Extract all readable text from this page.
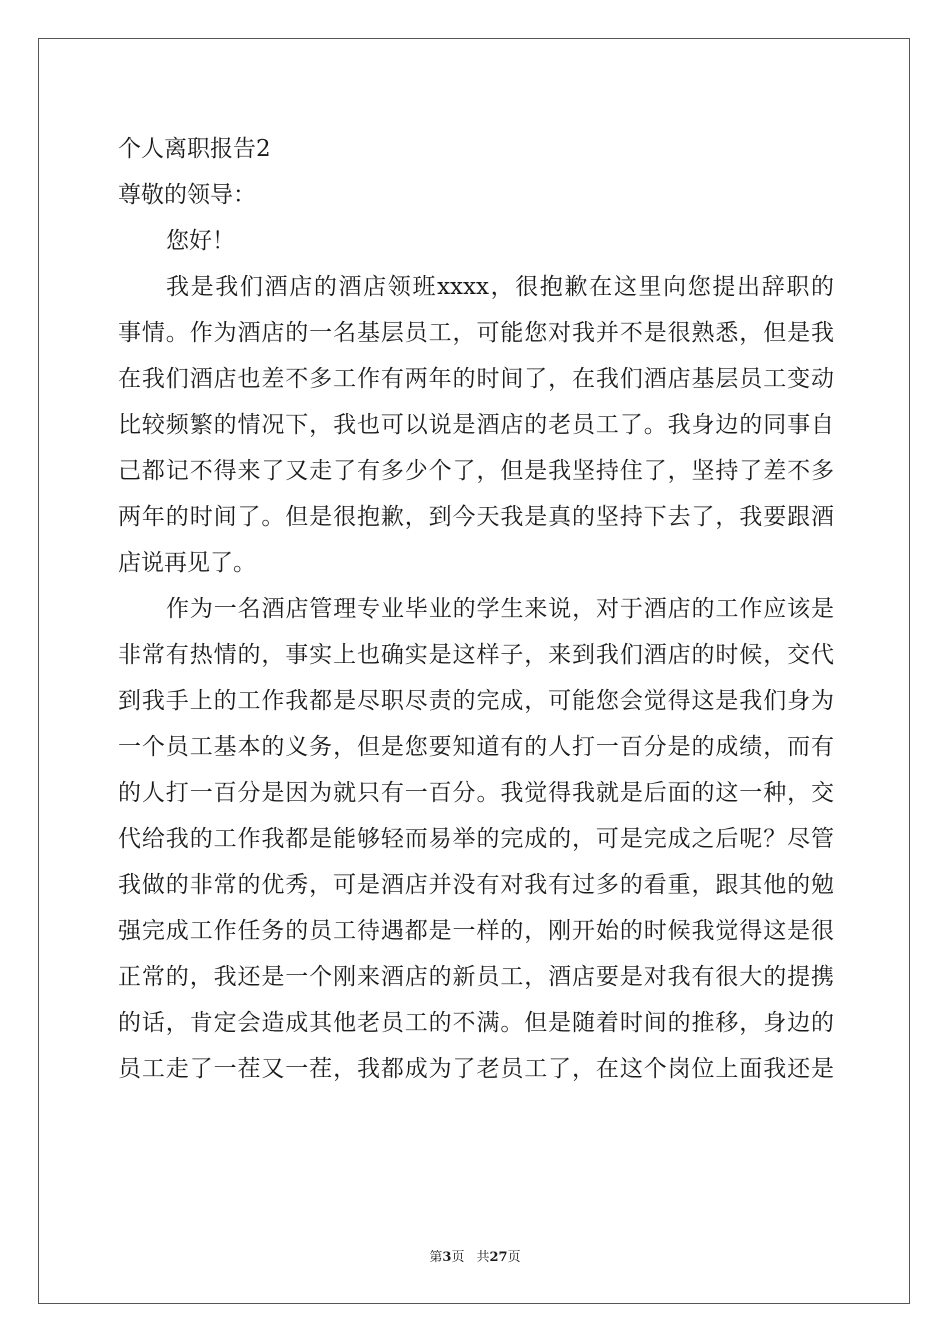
个人离职报告2
尊敬的领导：
您好！
我是我们酒店的酒店领班xxxx，很抱歉在这里向您提出辞职的
事情。作为酒店的一名基层员工，可能您对我并不是很熟悉，但是我
在我们酒店也差不多工作有两年的时间了，在我们酒店基层员工变动
比较频繁的情况下，我也可以说是酒店的老员工了。我身边的同事自
己都记不得来了又走了有多少个了，但是我坚持住了，坚持了差不多
两年的时间了。但是很抱歉，到今天我是真的坚持下去了，我要跟酒
店说再见了。
作为一名酒店管理专业毕业的学生来说，对于酒店的工作应该是
非常有热情的，事实上也确实是这样子，来到我们酒店的时候，交代
到我手上的工作我都是尽职尽责的完成，可能您会觉得这是我们身为
一个员工基本的义务，但是您要知道有的人打一百分是的成绩，而有
的人打一百分是因为就只有一百分。我觉得我就是后面的这一种，交
代给我的工作我都是能够轻而易举的完成的，可是完成之后呢？尽管
我做的非常的优秀，可是酒店并没有对我有过多的看重，跟其他的勉
强完成工作任务的员工待遇都是一样的，刚开始的时候我觉得这是很
正常的，我还是一个刚来酒店的新员工，酒店要是对我有很大的提携
的话，肯定会造成其他老员工的不满。但是随着时间的推移，身边的
员工走了一茬又一茬，我都成为了老员工了，在这个岗位上面我还是
第3页 共27页
